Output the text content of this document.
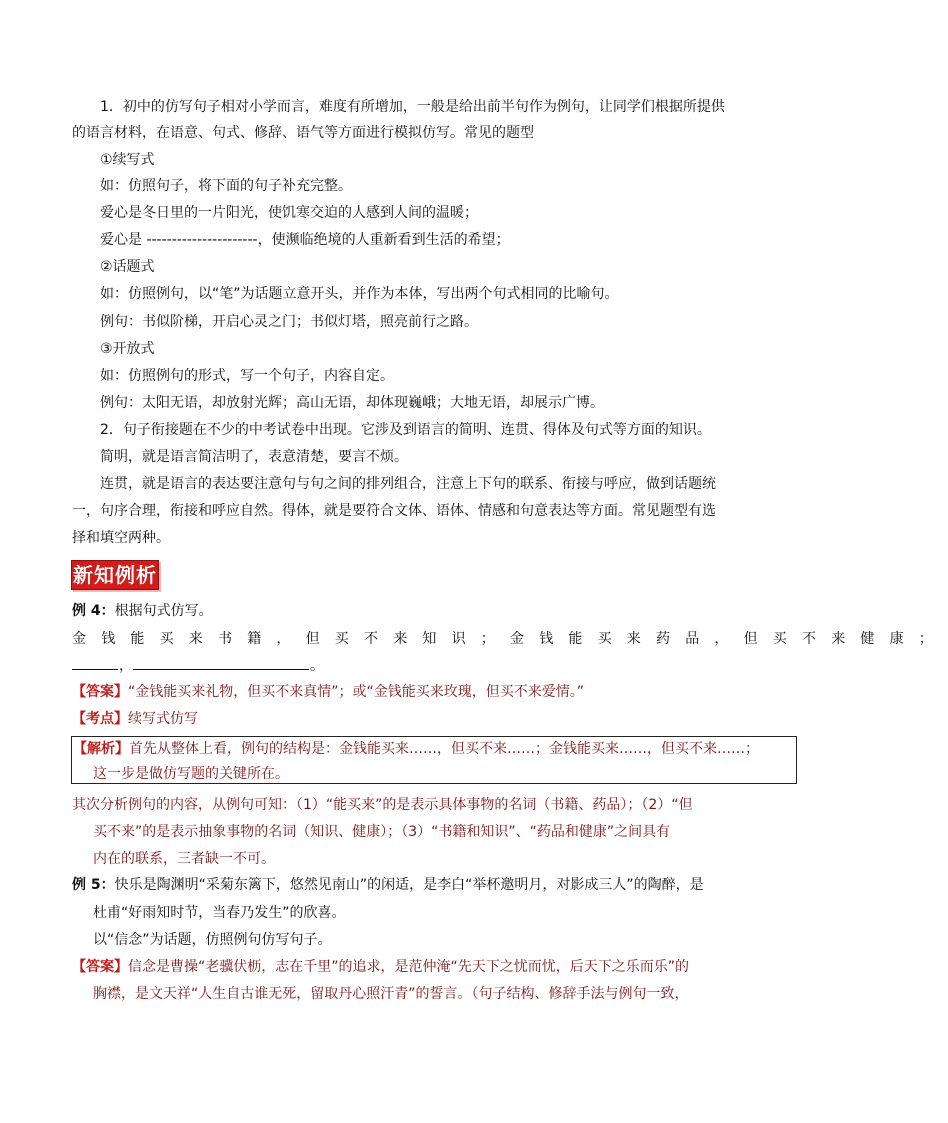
1．初中的仿写句子相对小学而言，难度有所增加，一般是给出前半句作为例句，让同学们根据所提供
的语言材料，在语意、句式、修辞、语气等方面进行模拟仿写。常见的题型
①续写式
如：仿照句子，将下面的句子补充完整。
爱心是冬日里的一片阳光，使饥寒交迫的人感到人间的温暖；
爱心是 ----------------------，使濒临绝境的人重新看到生活的希望；
②话题式
如：仿照例句，以“笔”为话题立意开头，并作为本体，写出两个句式相同的比喻句。
例句：书似阶梯，开启心灵之门；书似灯塔，照亮前行之路。
③开放式
如：仿照例句的形式，写一个句子，内容自定。
例句：太阳无语，却放射光辉；高山无语，却体现巍峨；大地无语，却展示广博。
2．句子衔接题在不少的中考试卷中出现。它涉及到语言的简明、连贯、得体及句式等方面的知识。
简明，就是语言简洁明了，表意清楚，要言不烦。
连贯，就是语言的表达要注意句与句之间的排列组合，注意上下句的联系、衔接与呼应，做到话题统
一，句序合理，衔接和呼应自然。得体，就是要符合文体、语体、情感和句意表达等方面。常见题型有选
择和填空两种。
新知例析
例 4：根据句式仿写。
金钱能买来书籍，但买不来知识；金钱能买来药品，但买不来健康；
，	。
【答案】“金钱能买来礼物，但买不来真情”；或“金钱能买来玫瑰，但买不来爱情。”
【考点】续写式仿写
【解析】首先从整体上看，例句的结构是：金钱能买来……，但买不来……；金钱能买来……，但买不来……；
这一步是做仿写题的关键所在。
其次分析例句的内容，从例句可知：（1）“能买来”的是表示具体事物的名词（书籍、药品）；（2）“但
买不来”的是表示抽象事物的名词（知识、健康）；（3）“书籍和知识”、“药品和健康”之间具有
内在的联系，三者缺一不可。
例 5：快乐是陶渊明“采菊东篱下，悠然见南山”的闲适，是李白“举杯邀明月，对影成三人”的陶醉，是
杜甫“好雨知时节，当春乃发生”的欣喜。
以“信念”为话题，仿照例句仿写句子。
【答案】信念是曹操“老骥伏枥，志在千里”的追求，是范仲淹“先天下之忧而忧，后天下之乐而乐”的
胸襟，是文天祥“人生自古谁无死，留取丹心照汗青”的誓言。（句子结构、修辞手法与例句一致，
